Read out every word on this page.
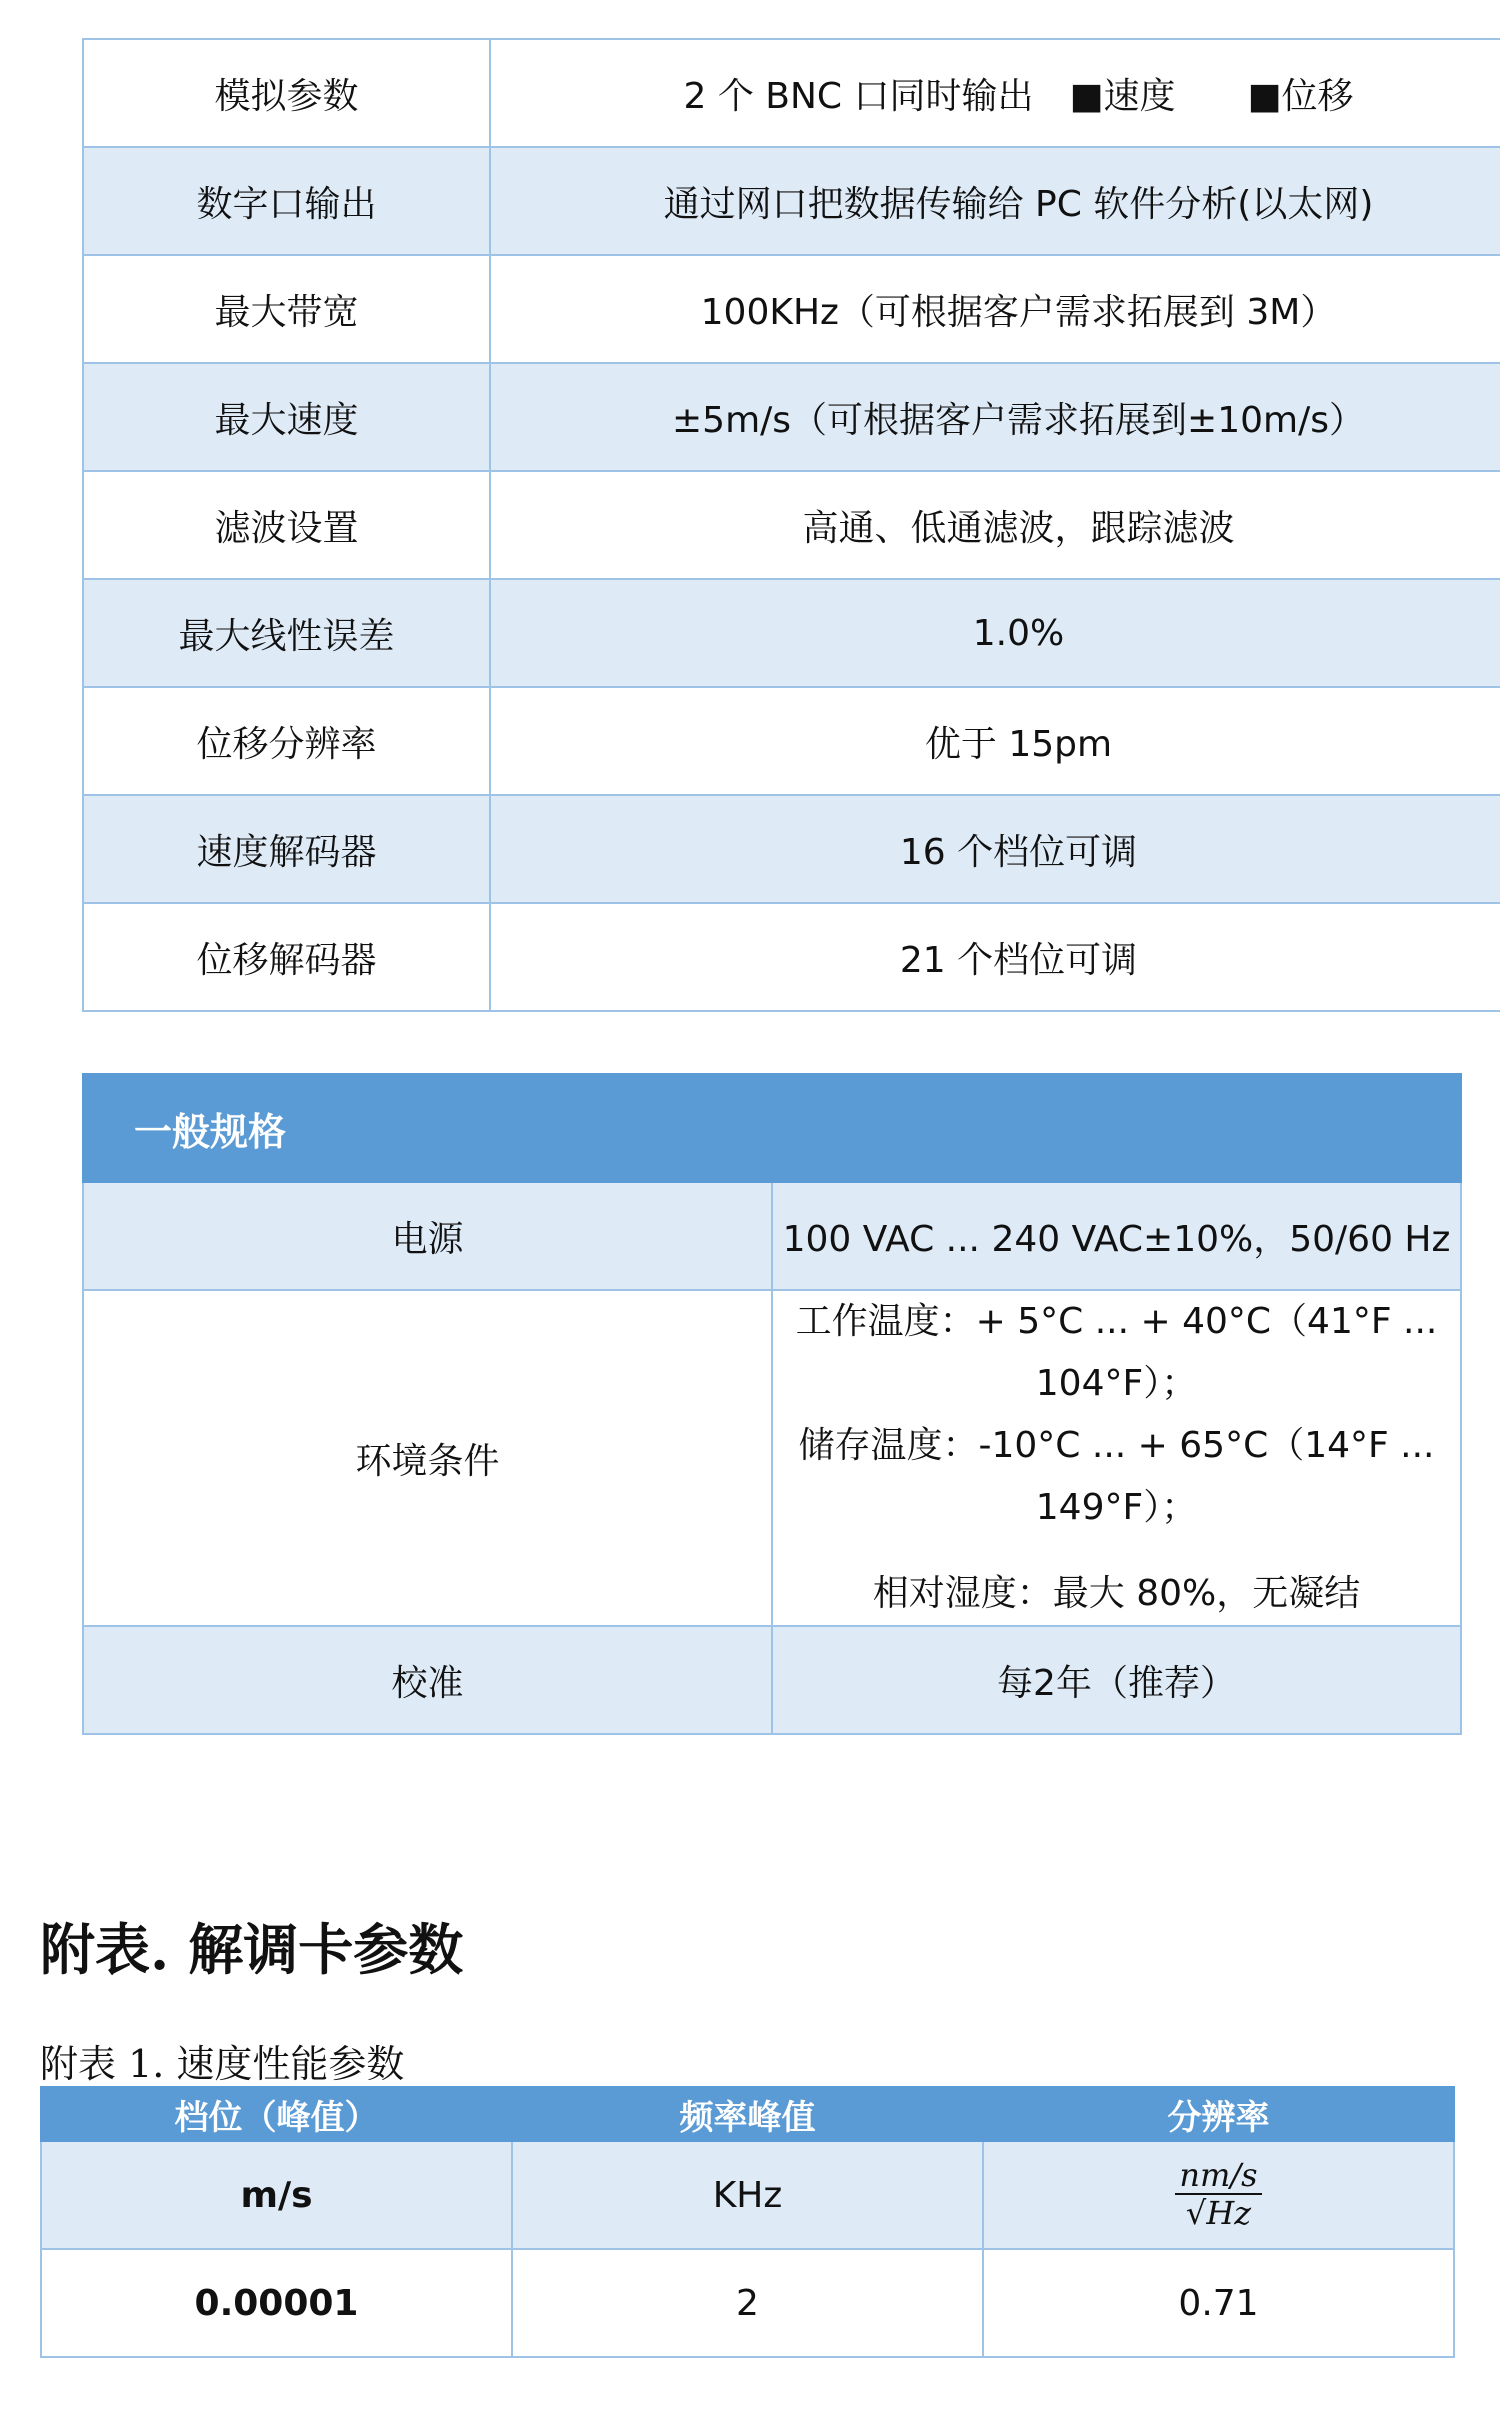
模拟参数	2 个 BNC 口同时输出　■速度　　■位移
数字口输出	通过网口把数据传输给 PC 软件分析(以太网)
最大带宽	100KHz（可根据客户需求拓展到 3M）
最大速度	±5m/s（可根据客户需求拓展到±10m/s）
滤波设置	高通、低通滤波，跟踪滤波
最大线性误差	1.0%
位移分辨率	优于 15pm
速度解码器	16 个档位可调
位移解码器	21 个档位可调
一般规格	
电源	100 VAC ... 240 VAC±10%，50/60 Hz
环境条件	工作温度：+ 5°C ... + 40°C（41°F ... 104°F）；
储存温度：-10°C ... + 65°C（14°F ... 149°F）；
相对湿度：最大 80%，无凝结

校准	每2年（推荐）
附表. 解调卡参数

附表 1. 速度性能参数

档位（峰值）	频率峰值	分辨率
m/s	KHz	$\frac{nm/s}{√Hz}$

0.00001	2	0.71
